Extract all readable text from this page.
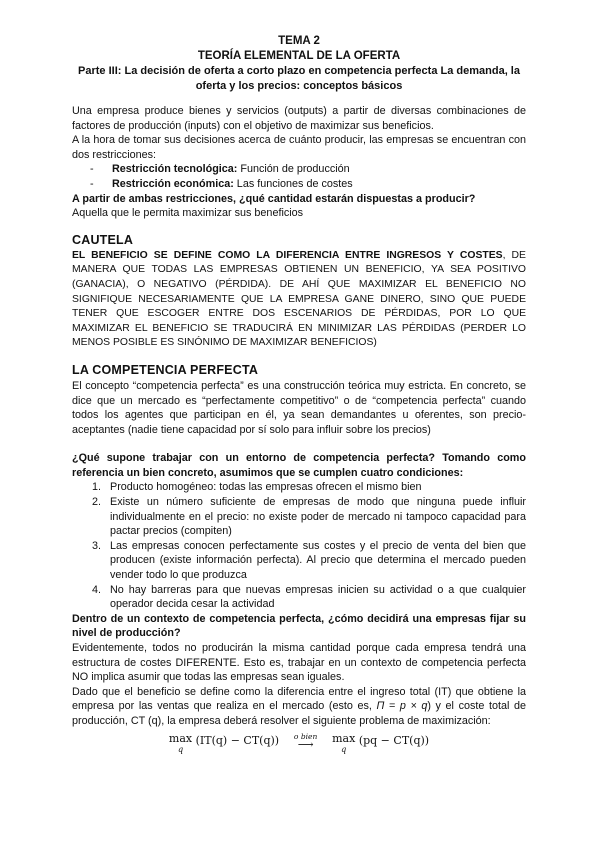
TEMA 2
TEORÍA ELEMENTAL DE LA OFERTA
Parte III: La decisión de oferta a corto plazo en competencia perfecta La demanda, la oferta y los precios: conceptos básicos

Una empresa produce bienes y servicios (outputs) a partir de diversas combinaciones de factores de producción (inputs) con el objetivo de maximizar sus beneficios.

A la hora de tomar sus decisiones acerca de cuánto producir, las empresas se encuentran con dos restricciones:

- Restricción tecnológica: Función de producción
- Restricción económica: Las funciones de costes

A partir de ambas restricciones, ¿qué cantidad estarán dispuestas a producir?

Aquella que le permita maximizar sus beneficios

CAUTELA

EL BENEFICIO SE DEFINE COMO LA DIFERENCIA ENTRE INGRESOS Y COSTES, DE MANERA QUE TODAS LAS EMPRESAS OBTIENEN UN BENEFICIO, YA SEA POSITIVO (GANACIA), O NEGATIVO (PÉRDIDA). DE AHÍ QUE MAXIMIZAR EL BENEFICIO NO SIGNIFIQUE NECESARIAMENTE QUE LA EMPRESA GANE DINERO, SINO QUE PUEDE TENER QUE ESCOGER ENTRE DOS ESCENARIOS DE PÉRDIDAS, POR LO QUE MAXIMIZAR EL BENEFICIO SE TRADUCIRÁ EN MINIMIZAR LAS PÉRDIDAS (PERDER LO MENOS POSIBLE ES SINÓNIMO DE MAXIMIZAR BENEFICIOS)

LA COMPETENCIA PERFECTA

El concepto “competencia perfecta” es una construcción teórica muy estricta. En concreto, se dice que un mercado es “perfectamente competitivo” o de “competencia perfecta” cuando todos los agentes que participan en él, ya sean demandantes u oferentes, son precio-aceptantes (nadie tiene capacidad por sí solo para influir sobre los precios)

¿Qué supone trabajar con un entorno de competencia perfecta? Tomando como referencia un bien concreto, asumimos que se cumplen cuatro condiciones:

1. Producto homogéneo: todas las empresas ofrecen el mismo bien
2. Existe un número suficiente de empresas de modo que ninguna puede influir individualmente en el precio: no existe poder de mercado ni tampoco capacidad para pactar precios (compiten)
3. Las empresas conocen perfectamente sus costes y el precio de venta del bien que producen (existe información perfecta). Al precio que determina el mercado pueden vender todo lo que produzca
4. No hay barreras para que nuevas empresas inicien su actividad o a que cualquier operador decida cesar la actividad

Dentro de un contexto de competencia perfecta, ¿cómo decidirá una empresas fijar su nivel de producción?

Evidentemente, todos no producirán la misma cantidad porque cada empresa tendrá una estructura de costes DIFERENTE. Esto es, trabajar en un contexto de competencia perfecta NO implica asumir que todas las empresas sean iguales.

Dado que el beneficio se define como la diferencia entre el ingreso total (IT) que obtiene la empresa por las ventas que realiza en el mercado (esto es, Π = p × q) y el coste total de producción, CT (q), la empresa deberá resolver el siguiente problema de maximización:

max
q
(IT(q) − CT(q))	o bien
⟶	max
q
(pq − CT(q))
